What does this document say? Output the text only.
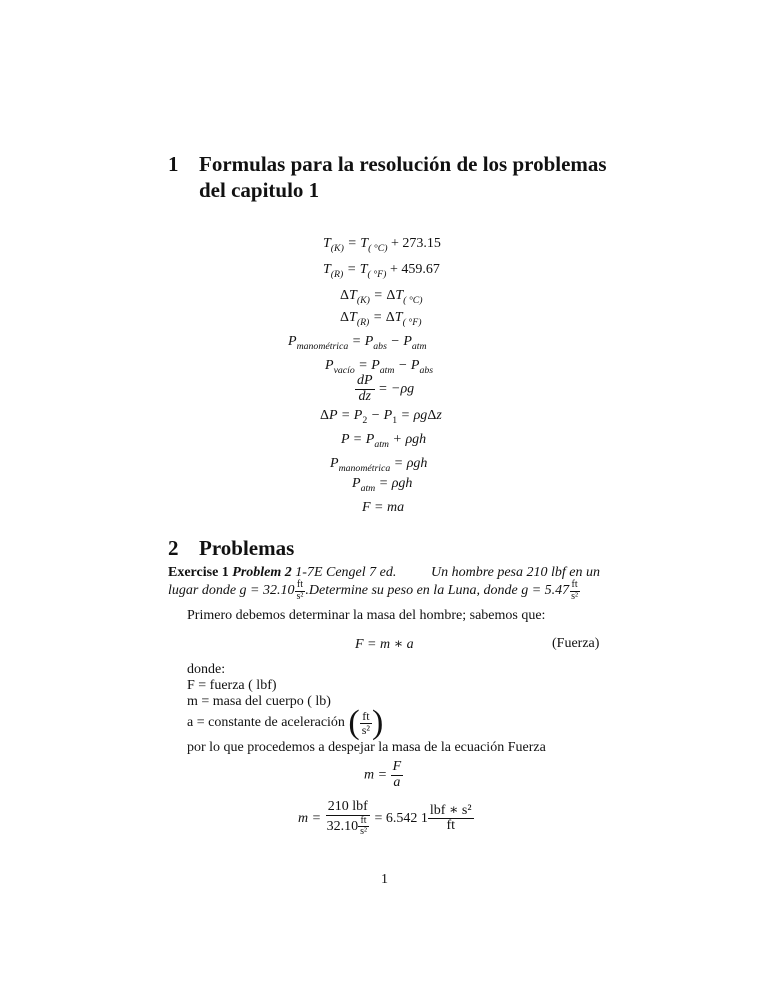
1 Formulas para la resolución de los problemas
del capitulo 1
$T_{(K)} = T_{( ^\circ C)} + 273.15$
$T_{(R)} = T_{( ^\circ F)} + 459.67$
$\Delta T_{(K)} = \Delta T_{( ^\circ C)}$
$\Delta T_{(R)} = \Delta T_{( ^\circ F)}$
$P_{manométrica} = P_{abs} - P_{atm}$
$P_{vacío} = P_{atm} - P_{abs}$
$\frac{dP}{dz} = -\rho g$
$\Delta P = P_2 - P_1 = \rho g\Delta z$
$P = P_{atm} + \rho gh$
$P_{manométrica} = \rho gh$
$P_{atm} = \rho gh$
F = ma
2 Problemas
Exercise 1 Problem 2 1-7E Cengel 7 ed. Un hombre pesa 210 lbf en un
lugar donde $g = 32.10 \frac{ft}{\text{s²}}$ .Determine su peso en la Luna, donde $g = 5.47 \frac{ft}{\text{s²}}$
Primero debemos determinar la masa del hombre; sabemos que:
F = m ∗ a	(Fuerza)
donde:
F = fuerza ( lbf)
m = masa del cuerpo ( lb)
a = constante de aceleración ( $\frac{ft}{\text{s²}}$ )
por lo que procedemos a despejar la masa de la ecuación Fuerza
$m = \frac{F}{a}$
$m = \frac{\text{210 lbf}}{32.10 \frac{ft}{\text{s²}}} = 6.542$ $1 \frac{\text{lbf ∗ s²}}{ft}$
1
